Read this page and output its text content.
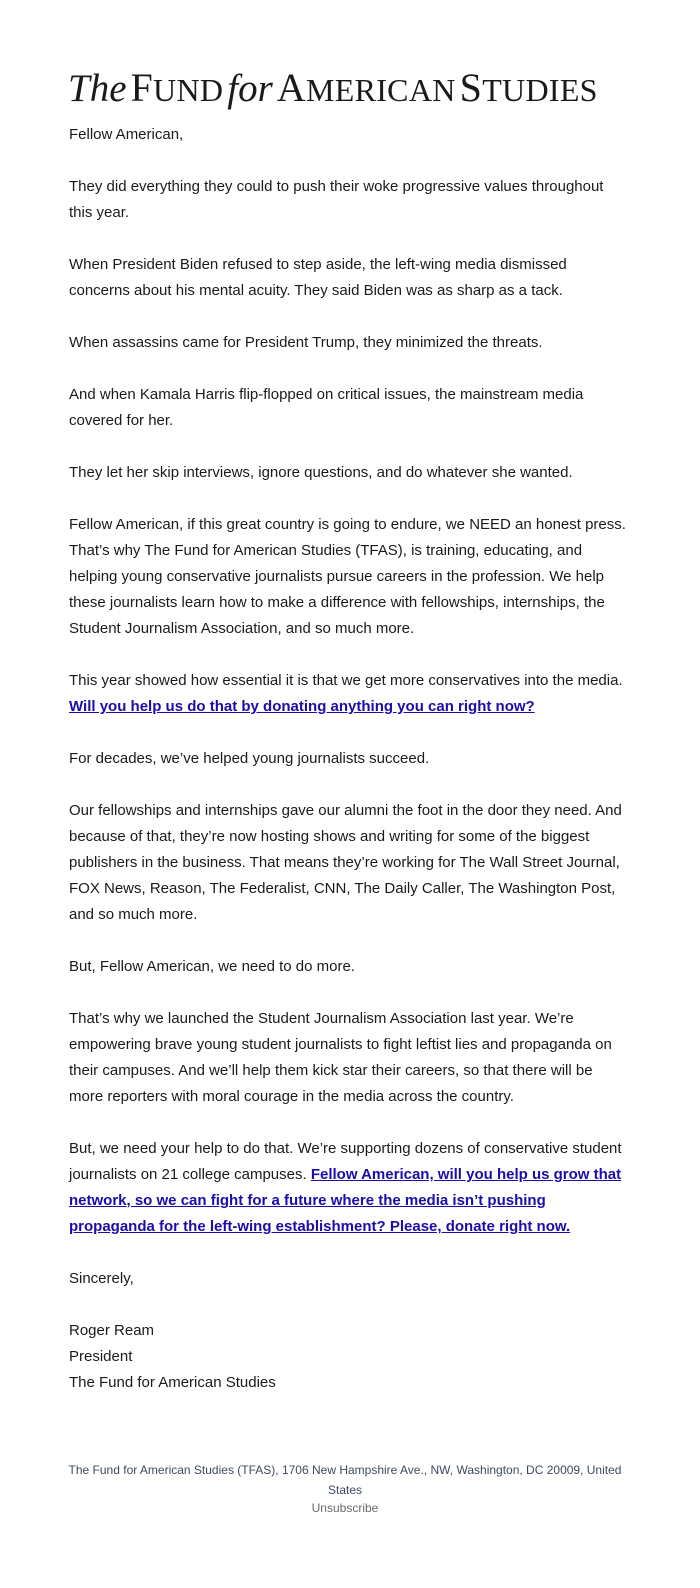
The FUND for AMERICAN STUDIES

Fellow American,

They did everything they could to push their woke progressive values throughout this year.

When President Biden refused to step aside, the left-wing media dismissed concerns about his mental acuity. They said Biden was as sharp as a tack.

When assassins came for President Trump, they minimized the threats.

And when Kamala Harris flip-flopped on critical issues, the mainstream media covered for her.

They let her skip interviews, ignore questions, and do whatever she wanted.

Fellow American, if this great country is going to endure, we NEED an honest press. That’s why The Fund for American Studies (TFAS), is training, educating, and helping young conservative journalists pursue careers in the profession. We help these journalists learn how to make a difference with fellowships, internships, the Student Journalism Association, and so much more.

This year showed how essential it is that we get more conservatives into the media. Will you help us do that by donating anything you can right now?

For decades, we’ve helped young journalists succeed.

Our fellowships and internships gave our alumni the foot in the door they need. And because of that, they’re now hosting shows and writing for some of the biggest publishers in the business. That means they’re working for The Wall Street Journal, FOX News, Reason, The Federalist, CNN, The Daily Caller, The Washington Post, and so much more.

But, Fellow American, we need to do more.

That’s why we launched the Student Journalism Association last year. We’re empowering brave young student journalists to fight leftist lies and propaganda on their campuses. And we’ll help them kick star their careers, so that there will be more reporters with moral courage in the media across the country.

But, we need your help to do that. We’re supporting dozens of conservative student journalists on 21 college campuses. Fellow American, will you help us grow that network, so we can fight for a future where the media isn’t pushing propaganda for the left-wing establishment? Please, donate right now.

Sincerely,

Roger Ream

President

The Fund for American Studies

The Fund for American Studies (TFAS), 1706 New Hampshire Ave., NW, Washington, DC 20009, United States
Unsubscribe
